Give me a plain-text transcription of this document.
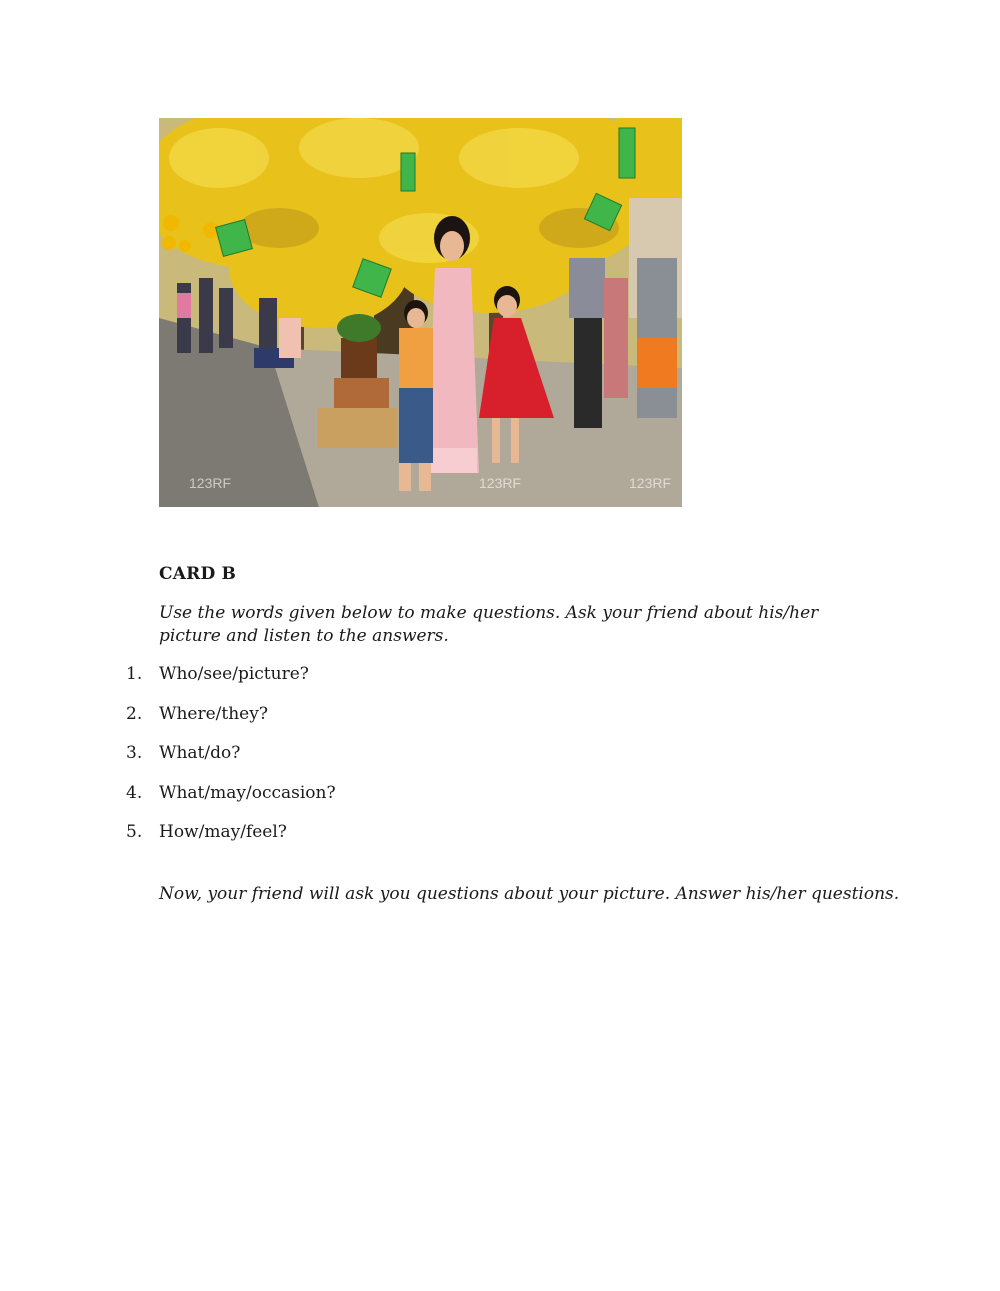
123RF	123RF	123RF
CARD B

Use the words given below to make questions. Ask your friend about his/her picture and listen to the answers.

1. Who/see/picture?
2. Where/they?
3. What/do?
4. What/may/occasion?
5. How/may/feel?

Now, your friend will ask you questions about your picture. Answer his/her questions.
